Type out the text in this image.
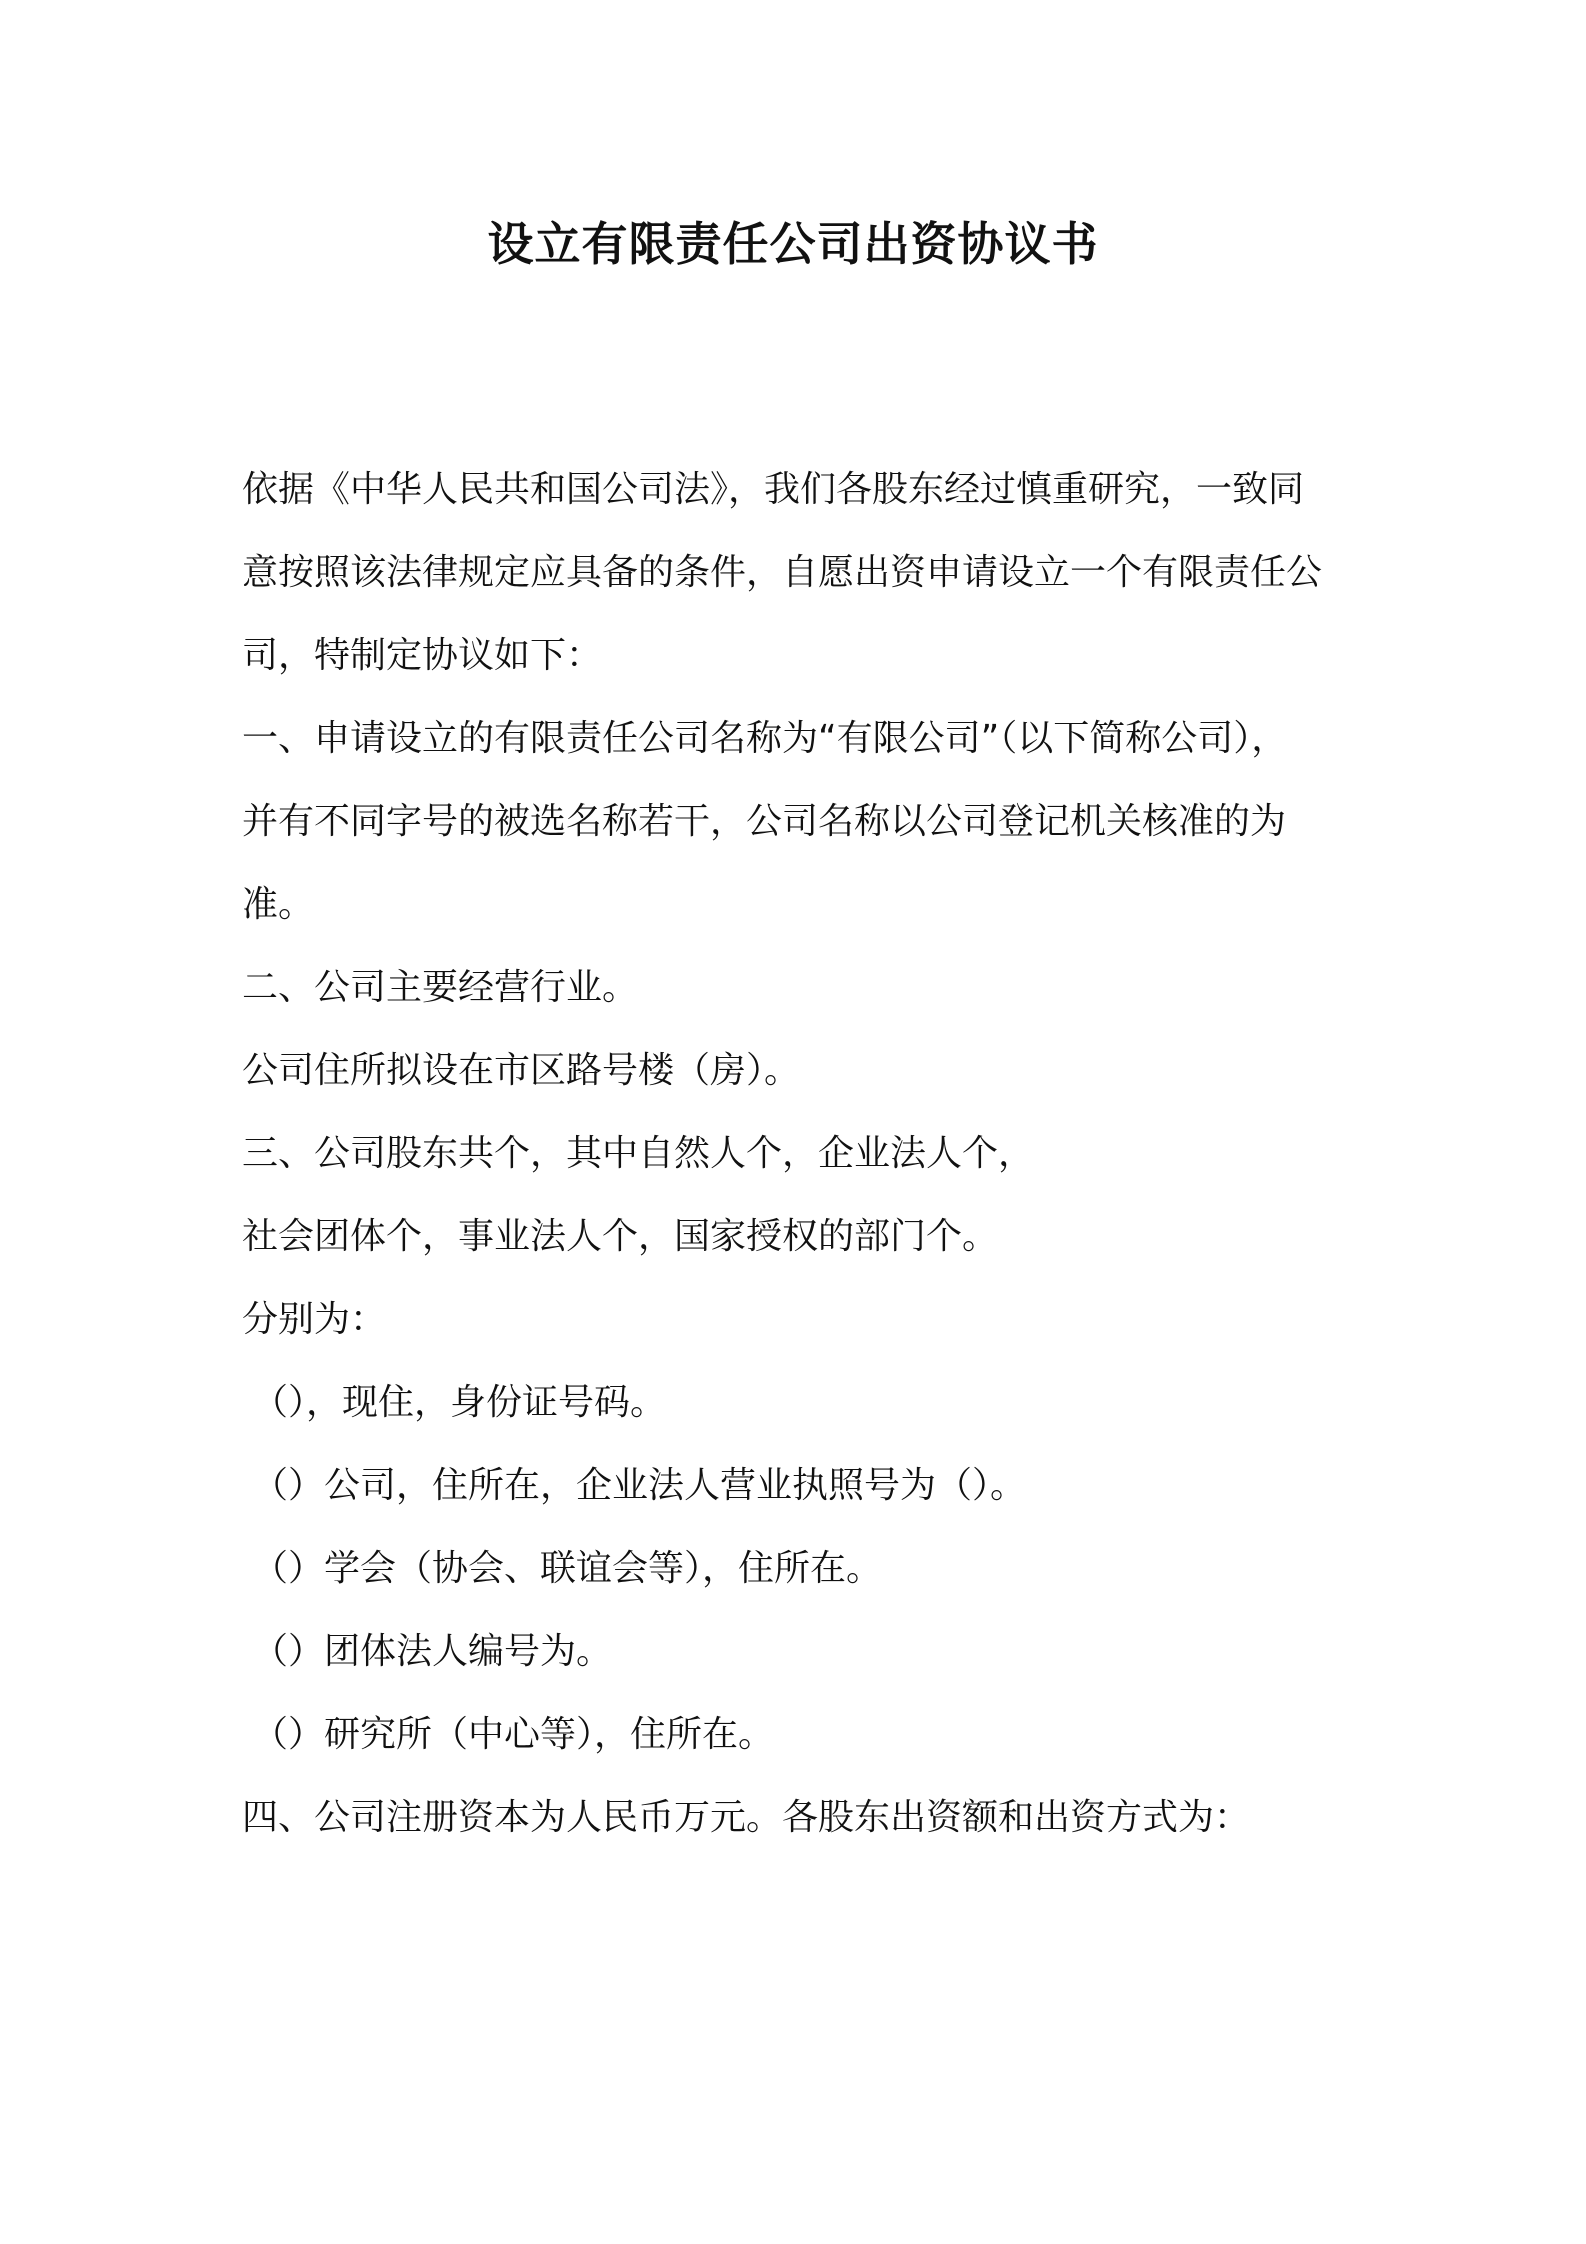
设立有限责任公司出资协议书
依据《中华人民共和国公司法》，我们各股东经过慎重研究，一致同
意按照该法律规定应具备的条件，自愿出资申请设立一个有限责任公
司，特制定协议如下：
一、申请设立的有限责任公司名称为“有限公司”（以下简称公司），
并有不同字号的被选名称若干，公司名称以公司登记机关核准的为
准。
二、公司主要经营行业。
公司住所拟设在市区路号楼（房）。
三、公司股东共个，其中自然人个，企业法人个，
社会团体个，事业法人个，国家授权的部门个。
分别为：
（），现住，身份证号码。
（）公司，住所在，企业法人营业执照号为（）。
（）学会（协会、联谊会等），住所在。
（）团体法人编号为。
（）研究所（中心等），住所在。
四、公司注册资本为人民币万元。各股东出资额和出资方式为：
